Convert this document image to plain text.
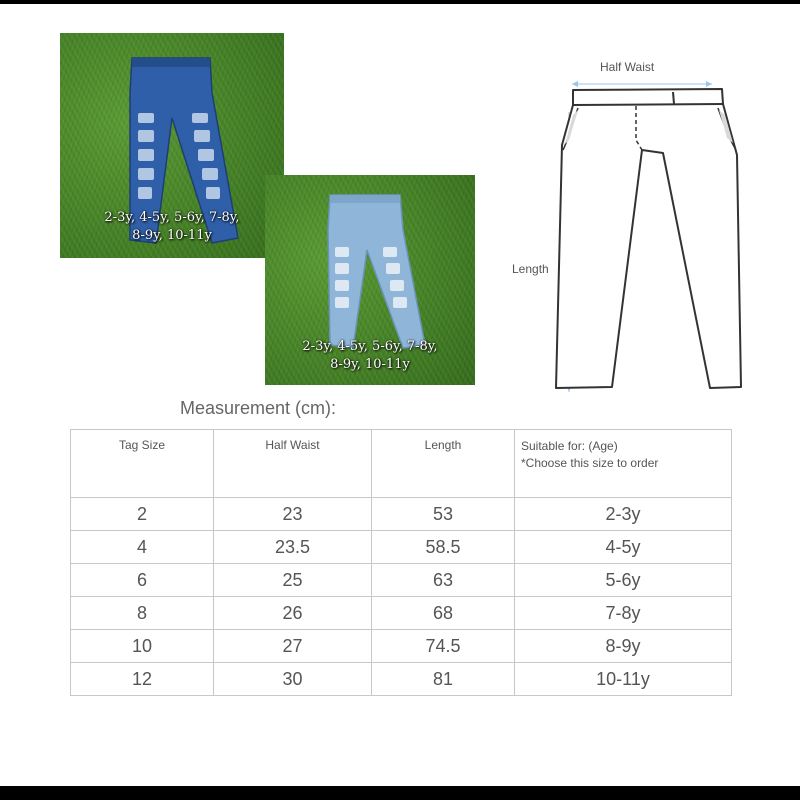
2-3y, 4-5y, 5-6y, 7-8y,
8-9y, 10-11y
2-3y, 4-5y, 5-6y, 7-8y,
8-9y, 10-11y
Half Waist
Length
Measurement (cm):
Tag Size	Half Waist	Length	Suitable for: (Age)
*Choose this size to order

2	23	53	2-3y
4	23.5	58.5	4-5y
6	25	63	5-6y
8	26	68	7-8y
10	27	74.5	8-9y
12	30	81	10-11y
